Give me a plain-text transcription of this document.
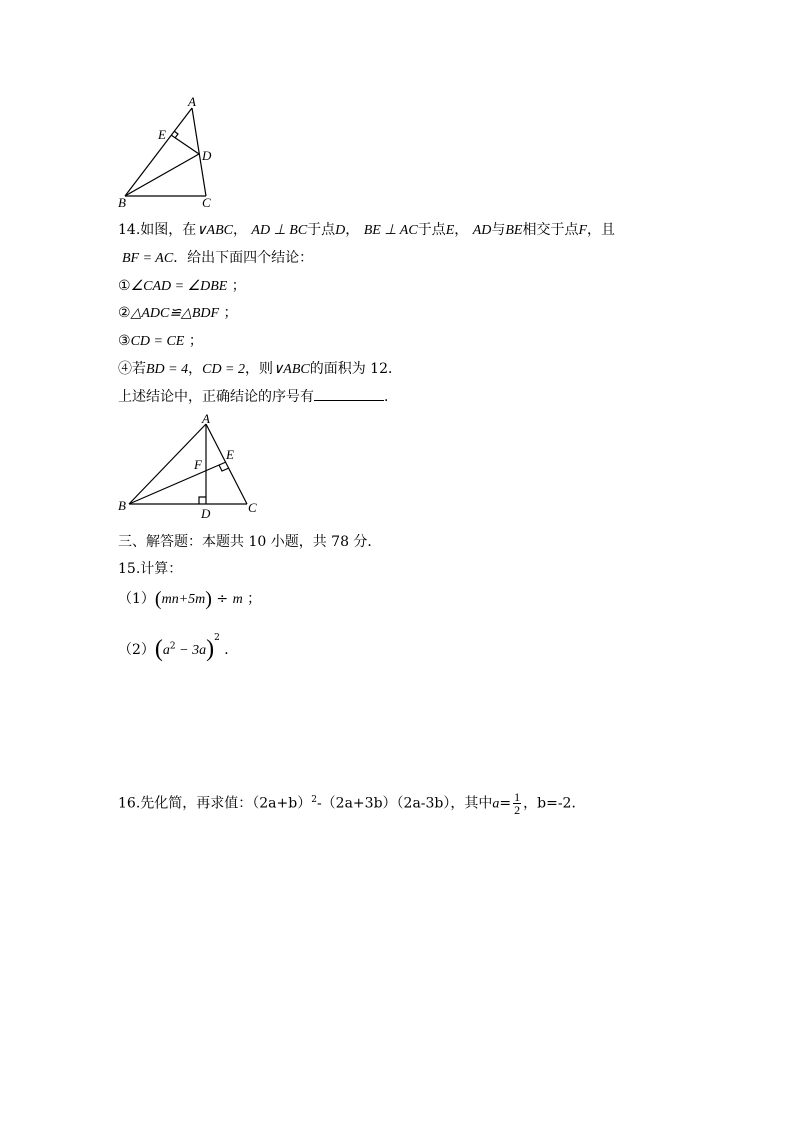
A
E
D
B	C
14.如图，在∨ABC， AD ⊥ BC于点D， BE ⊥ AC于点E， AD与BE相交于点F，且
BF = AC．给出下面四个结论：
①∠CAD = ∠DBE ；
②△ADC≌△BDF ；
③CD = CE ；
④若BD = 4，CD = 2，则∨ABC的面积为 12．
上述结论中，正确结论的序号有	．
A
E
F
B
D	C
三、解答题：本题共 10 小题，共 78 分．
15.计算：
（1）(mn+5m) ÷ m ；
$(2)(a^2 - 3a)^2$ ．
16.先化简，再求值：$(2a+b)^2-(2a+3b)(2a-3b)$，其中$a= \frac{1}{2}$ ，b=-2．
